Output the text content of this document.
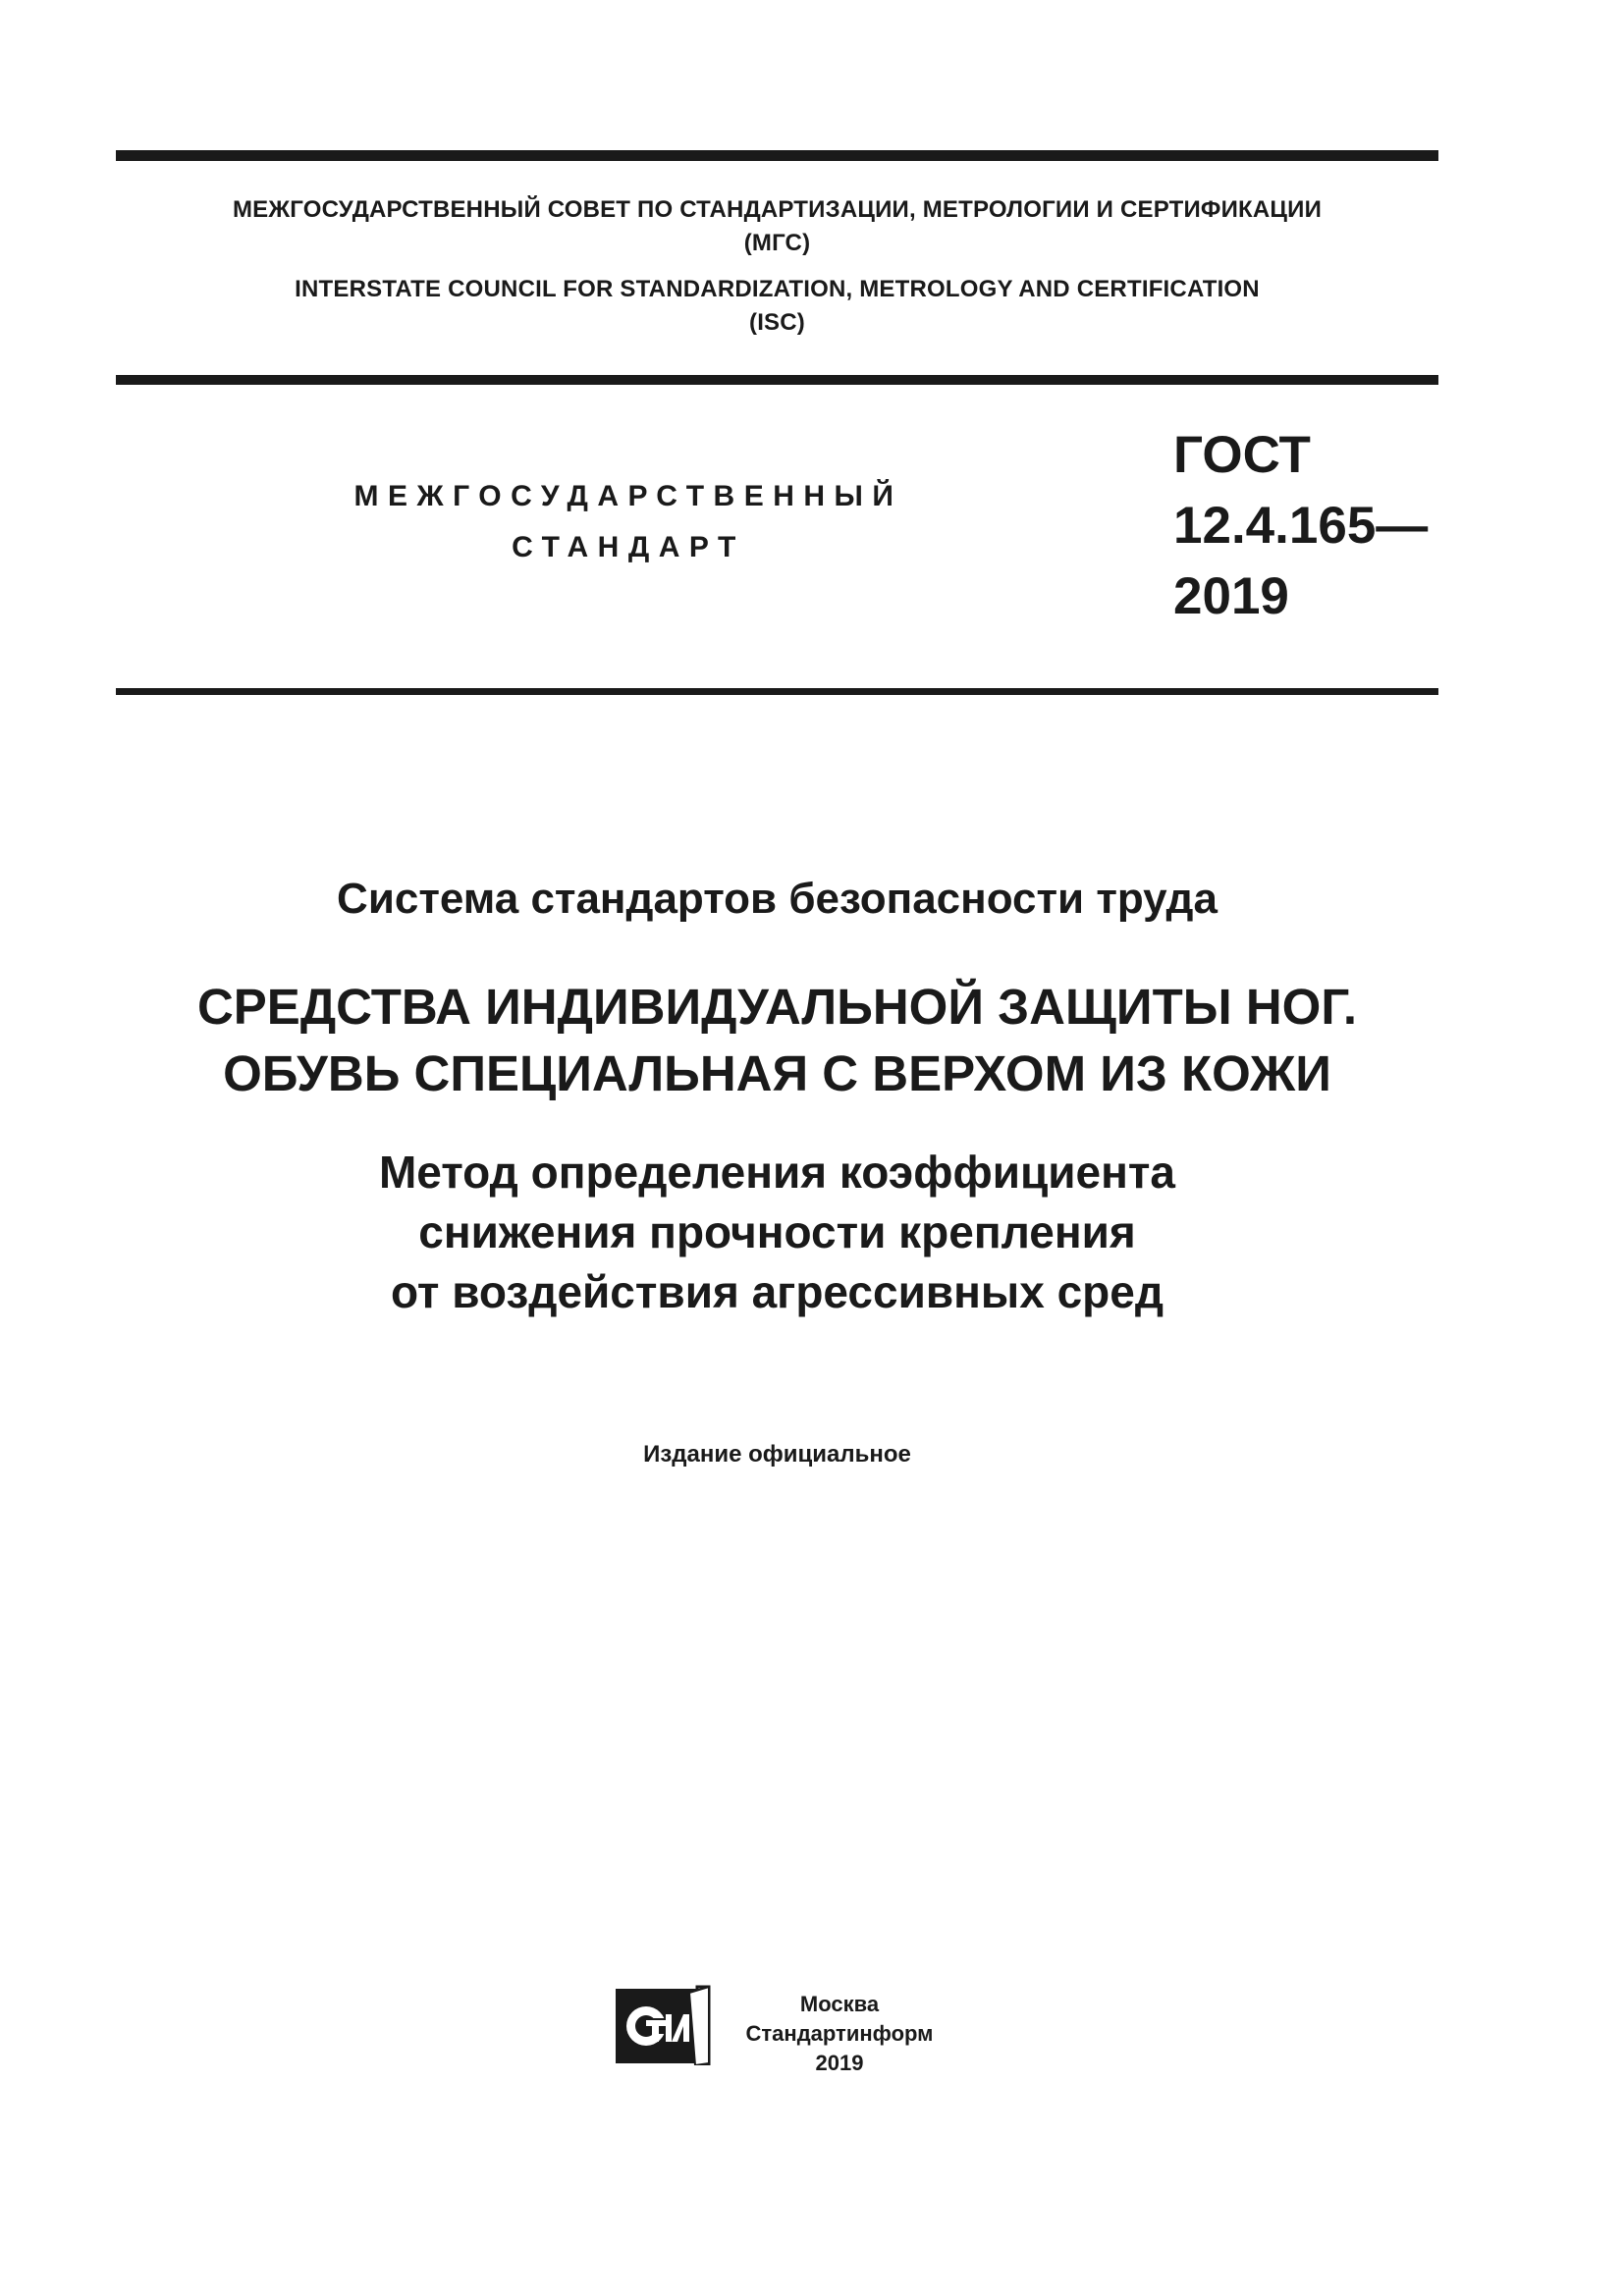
МЕЖГОСУДАРСТВЕННЫЙ СОВЕТ ПО СТАНДАРТИЗАЦИИ, МЕТРОЛОГИИ И СЕРТИФИКАЦИИ
(МГС)
INTERSTATE COUNCIL FOR STANDARDIZATION, METROLOGY AND CERTIFICATION
(ISC)
МЕЖГОСУДАРСТВЕННЫЙ
СТАНДАРТ
ГОСТ
12.4.165—
2019
Система стандартов безопасности труда
СРЕДСТВА ИНДИВИДУАЛЬНОЙ ЗАЩИТЫ НОГ.
ОБУВЬ СПЕЦИАЛЬНАЯ С ВЕРХОМ ИЗ КОЖИ
Метод определения коэффициента
снижения прочности крепления
от воздействия агрессивных сред
Издание официальное
Москва
Стандартинформ
2019
